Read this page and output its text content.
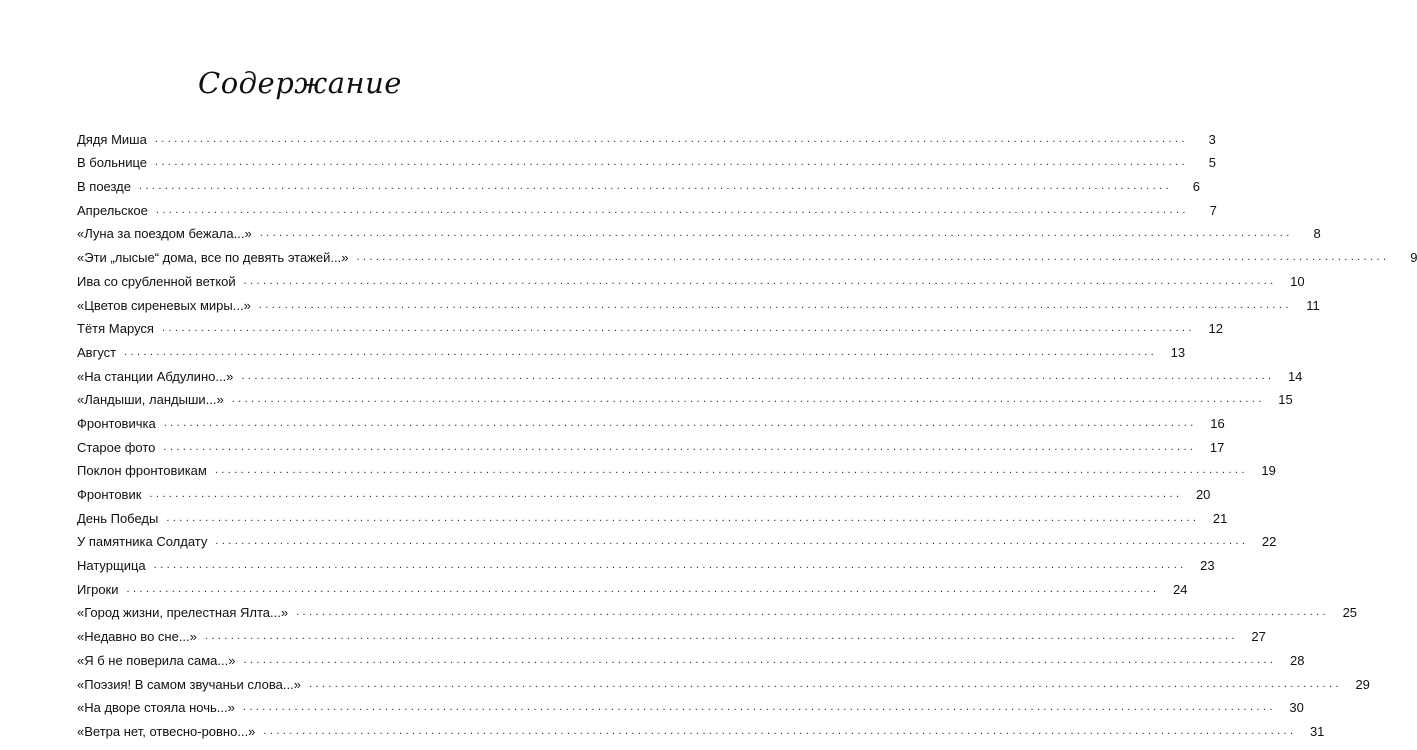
Содержание
Дядя Миша ................................................................................................................................................................	3
В больнице ................................................................................................................................................................	5
В поезде ................................................................................................................................................................	6
Апрельское ................................................................................................................................................................	7
«Луна за поездом бежала...» ................................................................................................................................................................	8
«Эти „лысые“ дома, все по девять этажей...» ................................................................................................................................................................	9
Ива со срубленной веткой ................................................................................................................................................................	10
«Цветов сиреневых миры...» ................................................................................................................................................................	11
Тётя Маруся ................................................................................................................................................................	12
Август ................................................................................................................................................................	13
«На станции Абдулино...» ................................................................................................................................................................	14
«Ландыши, ландыши...» ................................................................................................................................................................	15
Фронтовичка ................................................................................................................................................................	16
Старое фото ................................................................................................................................................................	17
Поклон фронтовикам ................................................................................................................................................................	19
Фронтовик ................................................................................................................................................................	20
День Победы ................................................................................................................................................................	21
У памятника Солдату ................................................................................................................................................................	22
Натурщица ................................................................................................................................................................	23
Игроки ................................................................................................................................................................	24
«Город жизни, прелестная Ялта...» ................................................................................................................................................................	25
«Недавно во сне...» ................................................................................................................................................................	27
«Я б не поверила сама...» ................................................................................................................................................................	28
«Поэзия! В самом звучаньи слова...» ................................................................................................................................................................	29
«На дворе стояла ночь...» ................................................................................................................................................................	30
«Ветра нет, отвесно-ровно...» ................................................................................................................................................................	31
